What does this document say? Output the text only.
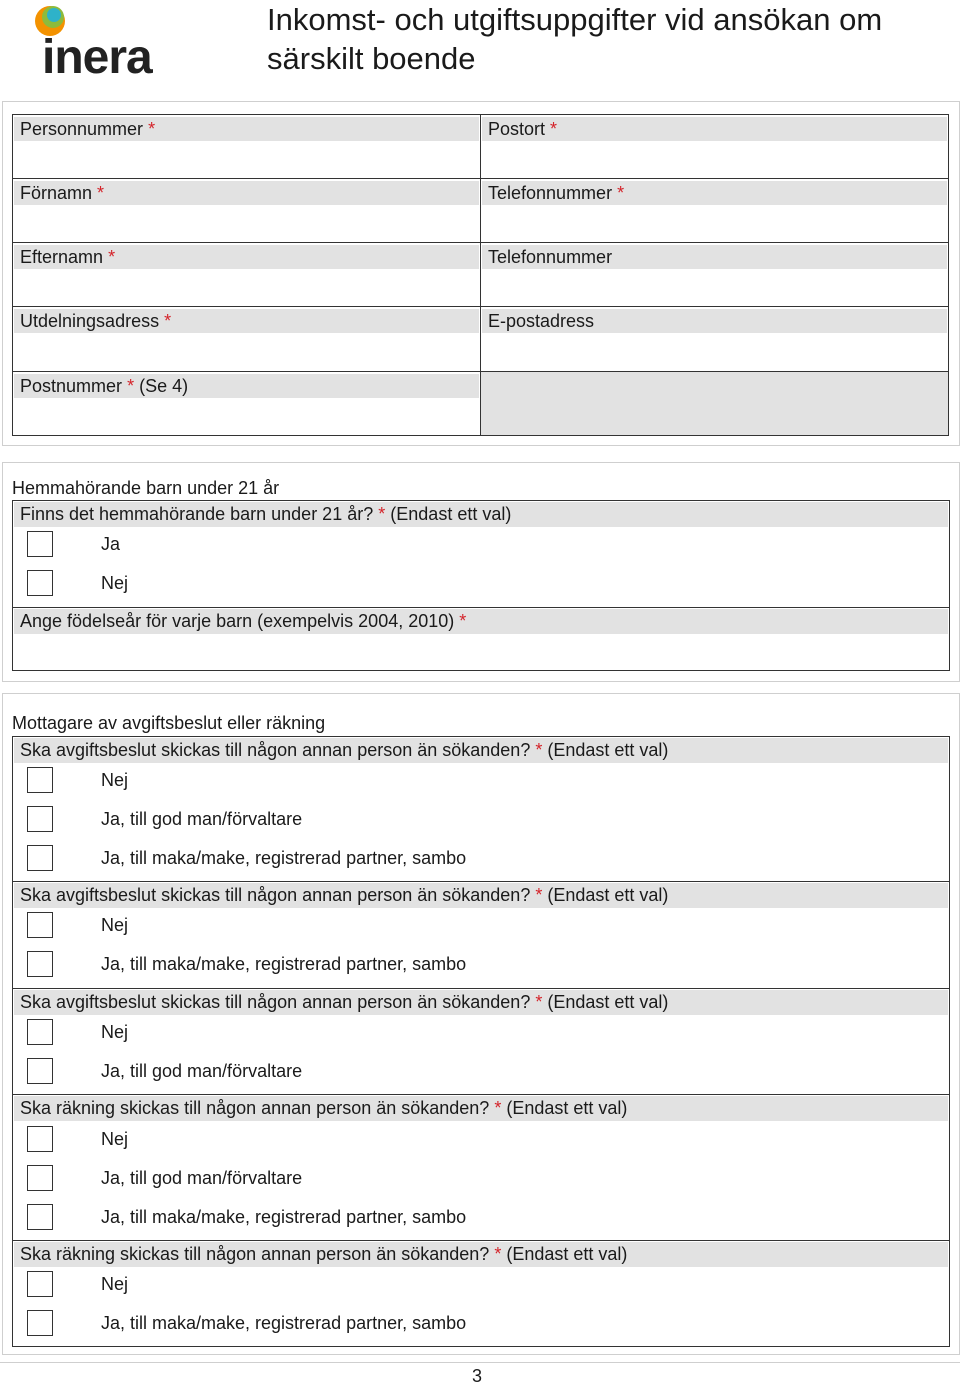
inera
Inkomst- och utgiftsuppgifter vid ansökan om särskilt boende
Personnummer *
Förnamn *
Efternamn *
Utdelningsadress *
Postnummer * (Se 4)
Postort *
Telefonnummer *
Telefonnummer
E-postadress
Hemmahörande barn under 21 år
Finns det hemmahörande barn under 21 år? * (Endast ett val)
Ja
Nej
Ange födelseår för varje barn (exempelvis 2004, 2010) *
Mottagare av avgiftsbeslut eller räkning
Ska avgiftsbeslut skickas till någon annan person än sökanden? * (Endast ett val)
Nej
Ja, till god man/förvaltare
Ja, till maka/make, registrerad partner, sambo
Ska avgiftsbeslut skickas till någon annan person än sökanden? * (Endast ett val)
Nej
Ja, till maka/make, registrerad partner, sambo
Ska avgiftsbeslut skickas till någon annan person än sökanden? * (Endast ett val)
Nej
Ja, till god man/förvaltare
Ska räkning skickas till någon annan person än sökanden? * (Endast ett val)
Nej
Ja, till god man/förvaltare
Ja, till maka/make, registrerad partner, sambo
Ska räkning skickas till någon annan person än sökanden? * (Endast ett val)
Nej
Ja, till maka/make, registrerad partner, sambo
3
